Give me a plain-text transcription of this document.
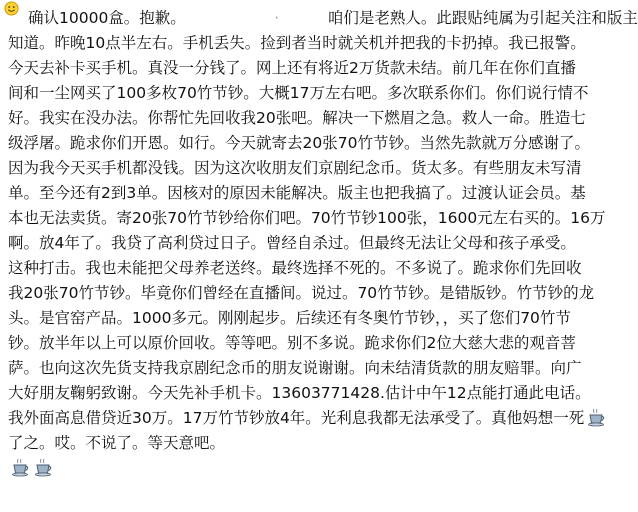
确认10000盒。抱歉。	·	咱们是老熟人。此跟贴纯属为引起关注和版主
知道。昨晚10点半左右。手机丢失。捡到者当时就关机并把我的卡扔掉。我已报警。
今天去补卡买手机。真没一分钱了。网上还有将近2万货款未结。前几年在你们直播
间和一尘网买了100多枚70竹节钞。大概17万左右吧。多次联系你们。你们说行情不
好。我实在没办法。你帮忙先回收我20张吧。解决一下燃眉之急。救人一命。胜造七
级浮屠。跪求你们开恩。如行。今天就寄去20张70竹节钞。当然先款就万分感谢了。
因为我今天买手机都没钱。因为这次收朋友们京剧纪念币。货太多。有些朋友未写清
单。至今还有2到3单。因核对的原因未能解决。版主也把我搞了。过渡认证会员。基
本也无法卖货。寄20张70竹节钞给你们吧。70竹节钞100张，1600元左右买的。16万
啊。放4年了。我贷了高利贷过日子。曾经自杀过。但最终无法让父母和孩子承受。
这种打击。我也未能把父母养老送终。最终选择不死的。不多说了。跪求你们先回收
我20张70竹节钞。毕竟你们曾经在直播间。说过。70竹节钞。是错版钞。竹节钞的龙
头。是官窑产品。1000多元。刚刚起步。后续还有冬奥竹节钞，，买了您们70竹节
钞。放半年以上可以原价回收。等等吧。别不多说。跪求你们2位大慈大悲的观音菩
萨。也向这次先货支持我京剧纪念币的朋友说谢谢。向未结清货款的朋友赔罪。向广
大好朋友鞠躬致谢。今天先补手机卡。13603771428.估计中午12点能打通此电话。
我外面高息借贷近30万。17万竹节钞放4年。光利息我都无法承受了。真他妈想一死
了之。哎。不说了。等天意吧。
